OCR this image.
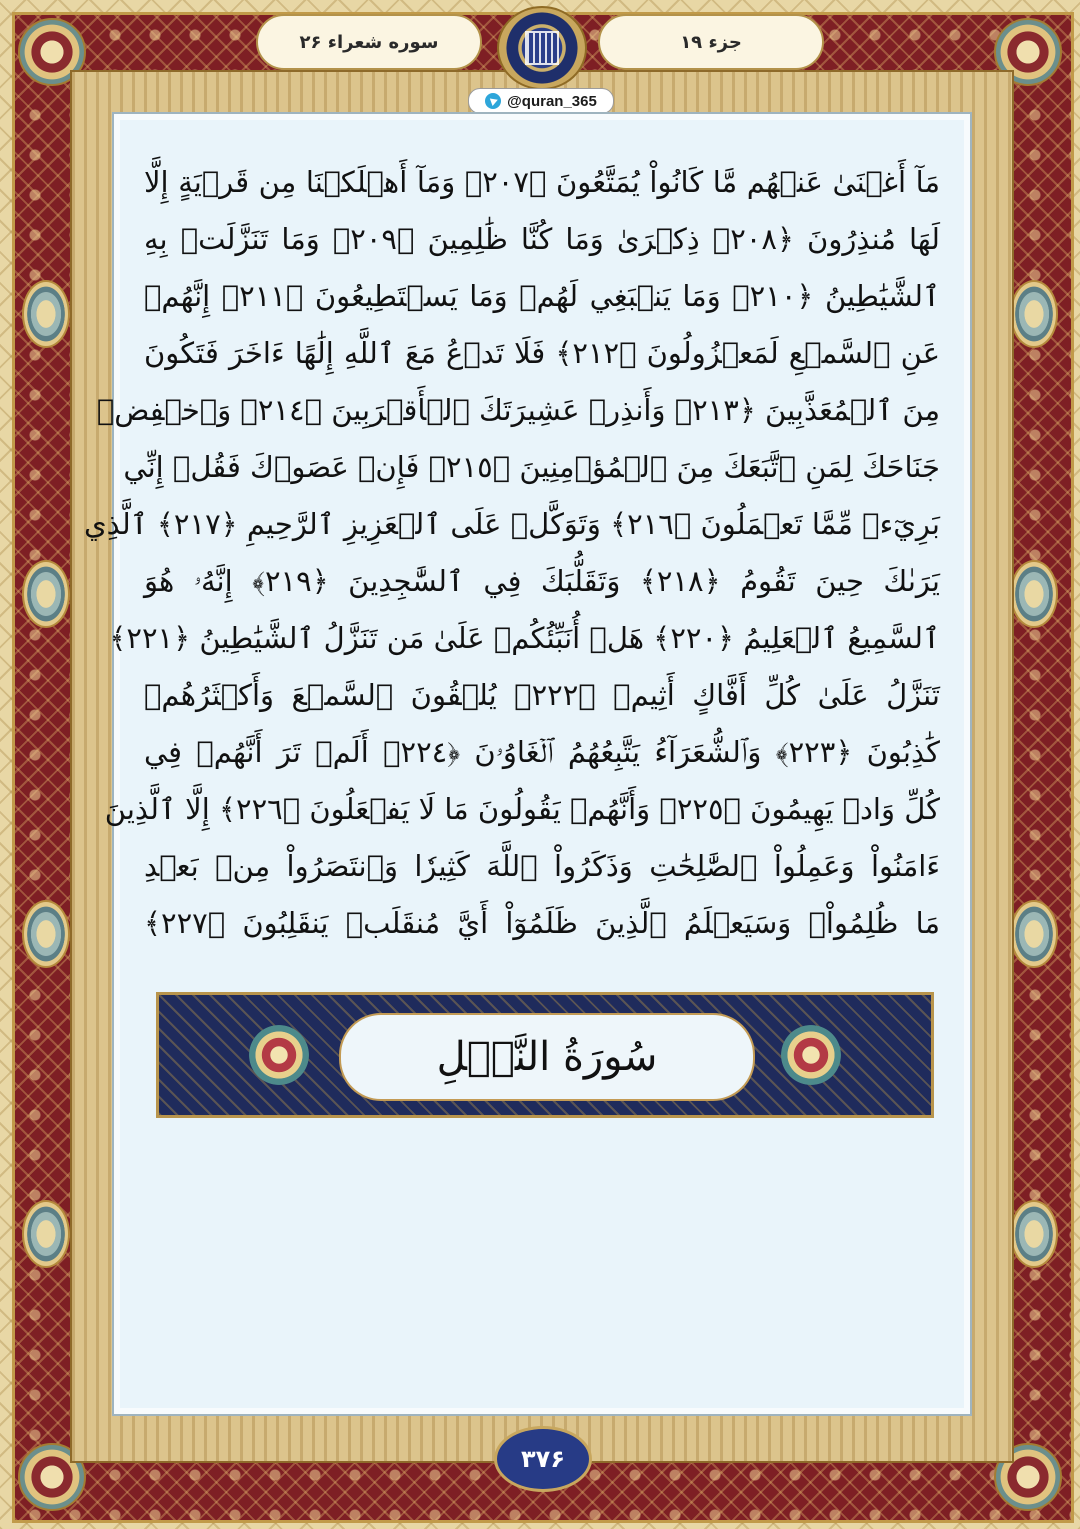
سوره شعراء ۲۶	جزء ۱۹
@quran_365
مَآ أَغۡنَىٰ عَنۡهُم مَّا كَانُواْ يُمَتَّعُونَ ﴿٢٠٧﴾ وَمَآ أَهۡلَكۡنَا مِن قَرۡيَةٍ إِلَّا
لَهَا مُنذِرُونَ ﴿٢٠٨﴾ ذِكۡرَىٰ وَمَا كُنَّا ظَٰلِمِينَ ﴿٢٠٩﴾ وَمَا تَنَزَّلَتۡ بِهِ
ٱلشَّيَٰطِينُ ﴿٢١٠﴾ وَمَا يَنۢبَغِي لَهُمۡ وَمَا يَسۡتَطِيعُونَ ﴿٢١١﴾ إِنَّهُمۡ
عَنِ ٱلسَّمۡعِ لَمَعۡزُولُونَ ﴿٢١٢﴾ فَلَا تَدۡعُ مَعَ ٱللَّهِ إِلَٰهًا ءَاخَرَ فَتَكُونَ
مِنَ ٱلۡمُعَذَّبِينَ ﴿٢١٣﴾ وَأَنذِرۡ عَشِيرَتَكَ ٱلۡأَقۡرَبِينَ ﴿٢١٤﴾ وَٱخۡفِضۡ
جَنَاحَكَ لِمَنِ ٱتَّبَعَكَ مِنَ ٱلۡمُؤۡمِنِينَ ﴿٢١٥﴾ فَإِنۡ عَصَوۡكَ فَقُلۡ إِنِّي
بَرِيٓءٞ مِّمَّا تَعۡمَلُونَ ﴿٢١٦﴾ وَتَوَكَّلۡ عَلَى ٱلۡعَزِيزِ ٱلرَّحِيمِ ﴿٢١٧﴾ ٱلَّذِي
يَرَىٰكَ حِينَ تَقُومُ ﴿٢١٨﴾ وَتَقَلُّبَكَ فِي ٱلسَّٰجِدِينَ ﴿٢١٩﴾ إِنَّهُۥ هُوَ
ٱلسَّمِيعُ ٱلۡعَلِيمُ ﴿٢٢٠﴾ هَلۡ أُنَبِّئُكُمۡ عَلَىٰ مَن تَنَزَّلُ ٱلشَّيَٰطِينُ ﴿٢٢١﴾
تَنَزَّلُ عَلَىٰ كُلِّ أَفَّاكٍ أَثِيمٖ ﴿٢٢٢﴾ يُلۡقُونَ ٱلسَّمۡعَ وَأَكۡثَرُهُمۡ
كَٰذِبُونَ ﴿٢٢٣﴾ وَٱلشُّعَرَآءُ يَتَّبِعُهُمُ ٱلۡغَاوُۥنَ ﴿٢٢٤﴾ أَلَمۡ تَرَ أَنَّهُمۡ فِي
كُلِّ وَادٖ يَهِيمُونَ ﴿٢٢٥﴾ وَأَنَّهُمۡ يَقُولُونَ مَا لَا يَفۡعَلُونَ ﴿٢٢٦﴾ إِلَّا ٱلَّذِينَ
ءَامَنُواْ وَعَمِلُواْ ٱلصَّٰلِحَٰتِ وَذَكَرُواْ ٱللَّهَ كَثِيرٗا وَٱنتَصَرُواْ مِنۢ بَعۡدِ
مَا ظُلِمُواْۗ وَسَيَعۡلَمُ ٱلَّذِينَ ظَلَمُوٓاْ أَيَّ مُنقَلَبٖ يَنقَلِبُونَ ﴿٢٢٧﴾
سُورَةُ النَّمۡلِ
۳۷۶
